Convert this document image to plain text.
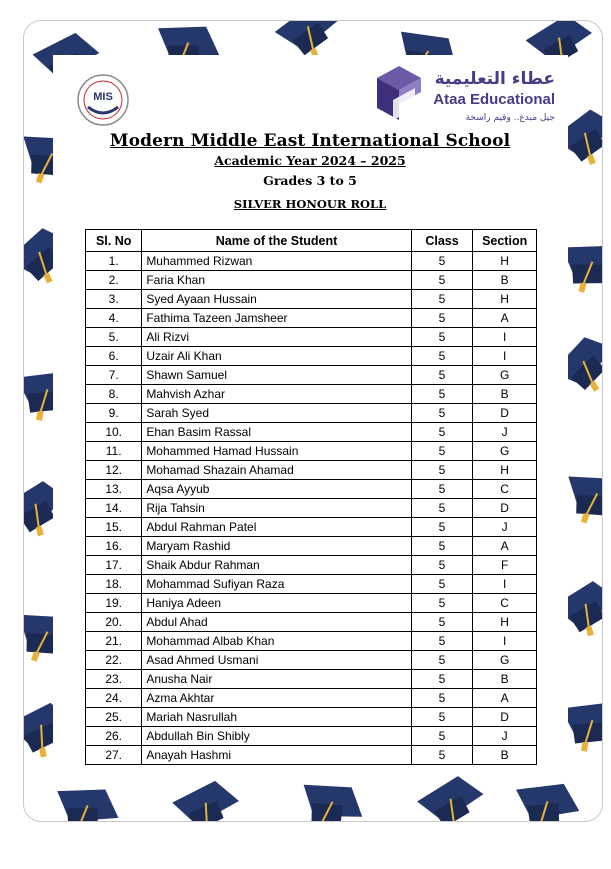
MIS
عطاء التعليمية
Ataa Educational
جيل مبدع.. وقيم راسخة
Modern Middle East International School
Academic Year 2024 – 2025
Grades 3 to 5
SILVER HONOUR ROLL
Sl. No	Name of the Student	Class	Section
1.	Muhammed Rizwan	5	H
2.	Faria Khan	5	B
3.	Syed Ayaan Hussain	5	H
4.	Fathima Tazeen Jamsheer	5	A
5.	Ali Rizvi	5	I
6.	Uzair Ali Khan	5	I
7.	Shawn Samuel	5	G
8.	Mahvish Azhar	5	B
9.	Sarah Syed	5	D
10.	Ehan Basim Rassal	5	J
11.	Mohammed Hamad Hussain	5	G
12.	Mohamad Shazain Ahamad	5	H
13.	Aqsa Ayyub	5	C
14.	Rija Tahsin	5	D
15.	Abdul Rahman Patel	5	J
16.	Maryam Rashid	5	A
17.	Shaik Abdur Rahman	5	F
18.	Mohammad Sufiyan Raza	5	I
19.	Haniya Adeen	5	C
20.	Abdul Ahad	5	H
21.	Mohammad Albab Khan	5	I
22.	Asad Ahmed Usmani	5	G
23.	Anusha Nair	5	B
24.	Azma Akhtar	5	A
25.	Mariah Nasrullah	5	D
26.	Abdullah Bin Shibly	5	J
27.	Anayah Hashmi	5	B
